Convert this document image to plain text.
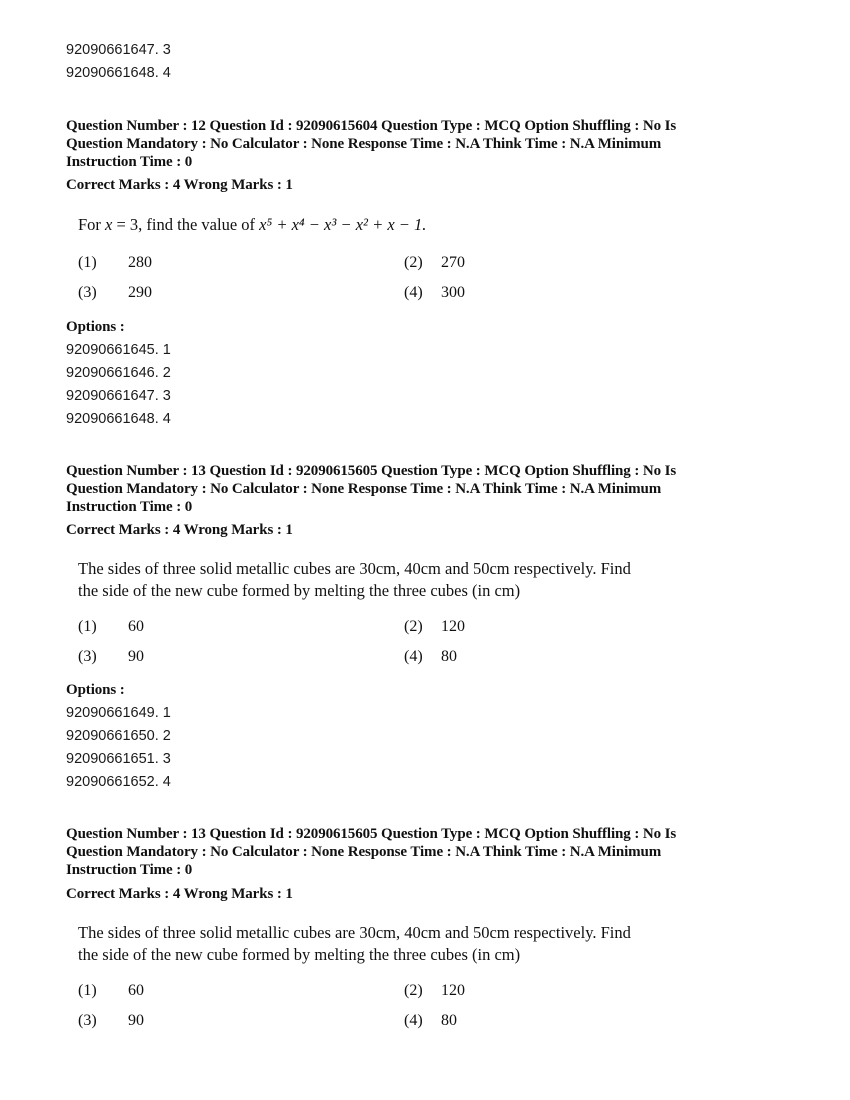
92090661647. 3
92090661648. 4
Question Number : 12 Question Id : 92090615604 Question Type : MCQ Option Shuffling : No Is
Question Mandatory : No Calculator : None Response Time : N.A Think Time : N.A Minimum
Instruction Time : 0
Correct Marks : 4 Wrong Marks : 1
For x = 3, find the value of x⁵ + x⁴ − x³ − x² + x − 1.
(1) 280	(2) 270
(3) 290	(4) 300
Options :
92090661645. 1
92090661646. 2
92090661647. 3
92090661648. 4
Question Number : 13 Question Id : 92090615605 Question Type : MCQ Option Shuffling : No Is
Question Mandatory : No Calculator : None Response Time : N.A Think Time : N.A Minimum
Instruction Time : 0
Correct Marks : 4 Wrong Marks : 1
The sides of three solid metallic cubes are 30cm, 40cm and 50cm respectively. Find
the side of the new cube formed by melting the three cubes (in cm)
(1) 60	(2) 120
(3) 90	(4) 80
Options :
92090661649. 1
92090661650. 2
92090661651. 3
92090661652. 4
Question Number : 13 Question Id : 92090615605 Question Type : MCQ Option Shuffling : No Is
Question Mandatory : No Calculator : None Response Time : N.A Think Time : N.A Minimum
Instruction Time : 0
Correct Marks : 4 Wrong Marks : 1
The sides of three solid metallic cubes are 30cm, 40cm and 50cm respectively. Find
the side of the new cube formed by melting the three cubes (in cm)
(1) 60	(2) 120
(3) 90	(4) 80
